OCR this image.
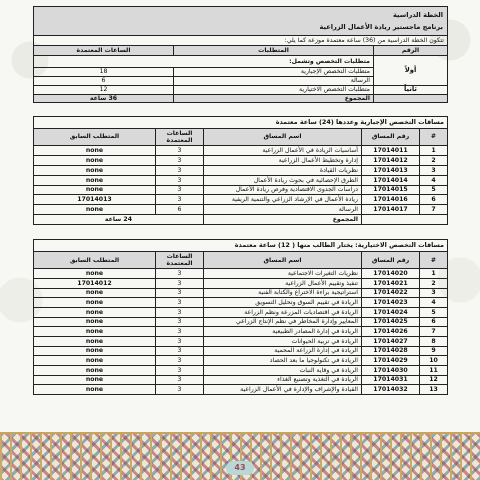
الخطة الدراسية
برنامج ماجستير ريادة الأعمال الزراعية		

تتكون الخطة الدراسية من (36) ساعة معتمدة موزعة كما يلي:		
الرقم	المتطلبات	الساعات المعتمدة
أولاً	متطلبات التخصص وتشمل:	
	متطلبات التخصص الإجبارية	18
	الرسالة	6
ثانياً	متطلبات التخصص الاختيارية	12
	المجموع	36 ساعة
مساقات التخصص الإجبارية وعددها (24) ساعة معتمدة				
#	رقم المساق	اسم المساق	الساعات المعتمدة	المتطلب السابق
1	17014011	أساسيات الريادة في الأعمال الزراعية	3	none
2	17014012	إدارة وتخطيط الأعمال الزراعية	3	none
3	17014013	نظريات القيادة	3	none
4	17014014	الطرق الإحصائية في بحوث ريادة الأعمال	3	none
5	17014015	دراسات الجدوى الاقتصادية وفرص ريادة الأعمال	3	none
6	17014016	ريادة الأعمال في الإرشاد الزراعي والتنمية الريفية	3	17014013
7	17014017	الرسالة	6	none
		المجموع	24 ساعة	
مساقات التخصص الاختيارية: يختار الطالب منها ( 12) ساعة معتمدة				
#	رقم المساق	اسم المساق	الساعات المعتمدة	المتطلب السابق
1	17014020	نظريات التغيرات الاجتماعية	3	none
2	17014021	تنفيذ وتقييم الأعمال الزراعية	3	17014012
3	17014022	استراتيجية براءة الاختراع والكتابة الفنية	3	none
4	17014023	الريادة في تقييم السوق وتحليل التسويق	3	none
5	17014024	الريادة في اقتصاديات المزرعة ونظم الزراعة	3	none
6	17014025	المعايير وإدارة المخاطر في نظم الإنتاج الزراعي	3	none
7	17014026	الريادة في إدارة المصادر الطبيعية	3	none
8	17014027	الريادة في تربية الحيوانات	3	none
9	17014028	الريادة في إدارة الزراعة المحمية	3	none
10	17014029	الريادة في تكنولوجيا ما بعد الحصاد	3	none
11	17014030	الريادة في وقاية النبات	3	none
12	17014031	الريادة في التغذية وتصنيع الغذاء	3	none
13	17014032	القيادة والإشراف والإدارة في الأعمال الزراعية	3	none
43
